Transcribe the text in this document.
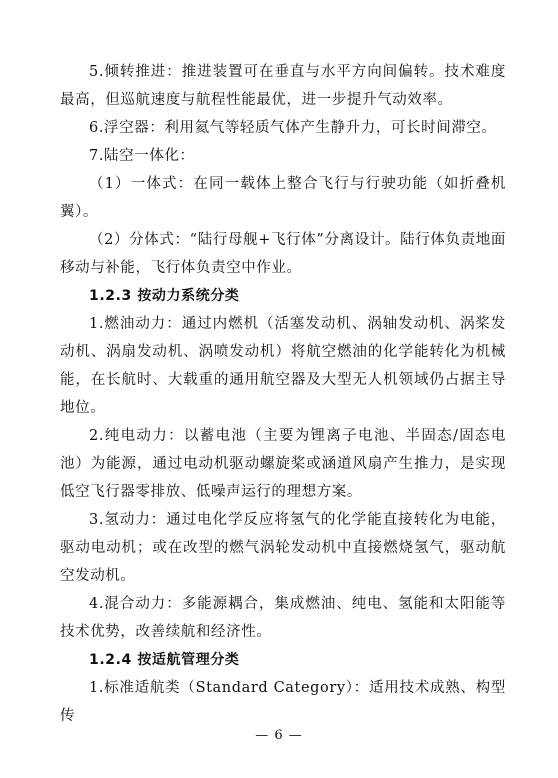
5.倾转推进：推进装置可在垂直与水平方向间偏转。技术难度最高，但巡航速度与航程性能最优，进一步提升气动效率。

6.浮空器：利用氦气等轻质气体产生静升力，可长时间滞空。

7.陆空一体化：

（1）一体式：在同一载体上整合飞行与行驶功能（如折叠机翼）。

（2）分体式：“陆行母舰+飞行体”分离设计。陆行体负责地面移动与补能，飞行体负责空中作业。

1.2.3 按动力系统分类

1.燃油动力：通过内燃机（活塞发动机、涡轴发动机、涡桨发动机、涡扇发动机、涡喷发动机）将航空燃油的化学能转化为机械能，在长航时、大载重的通用航空器及大型无人机领域仍占据主导地位。

2.纯电动力：以蓄电池（主要为锂离子电池、半固态/固态电池）为能源，通过电动机驱动螺旋桨或涵道风扇产生推力，是实现低空飞行器零排放、低噪声运行的理想方案。

3.氢动力：通过电化学反应将氢气的化学能直接转化为电能，驱动电动机；或在改型的燃气涡轮发动机中直接燃烧氢气，驱动航空发动机。

4.混合动力：多能源耦合，集成燃油、纯电、氢能和太阳能等技术优势，改善续航和经济性。

1.2.4 按适航管理分类

1.标准适航类（Standard Category）：适用技术成熟、构型传

— 6 —
